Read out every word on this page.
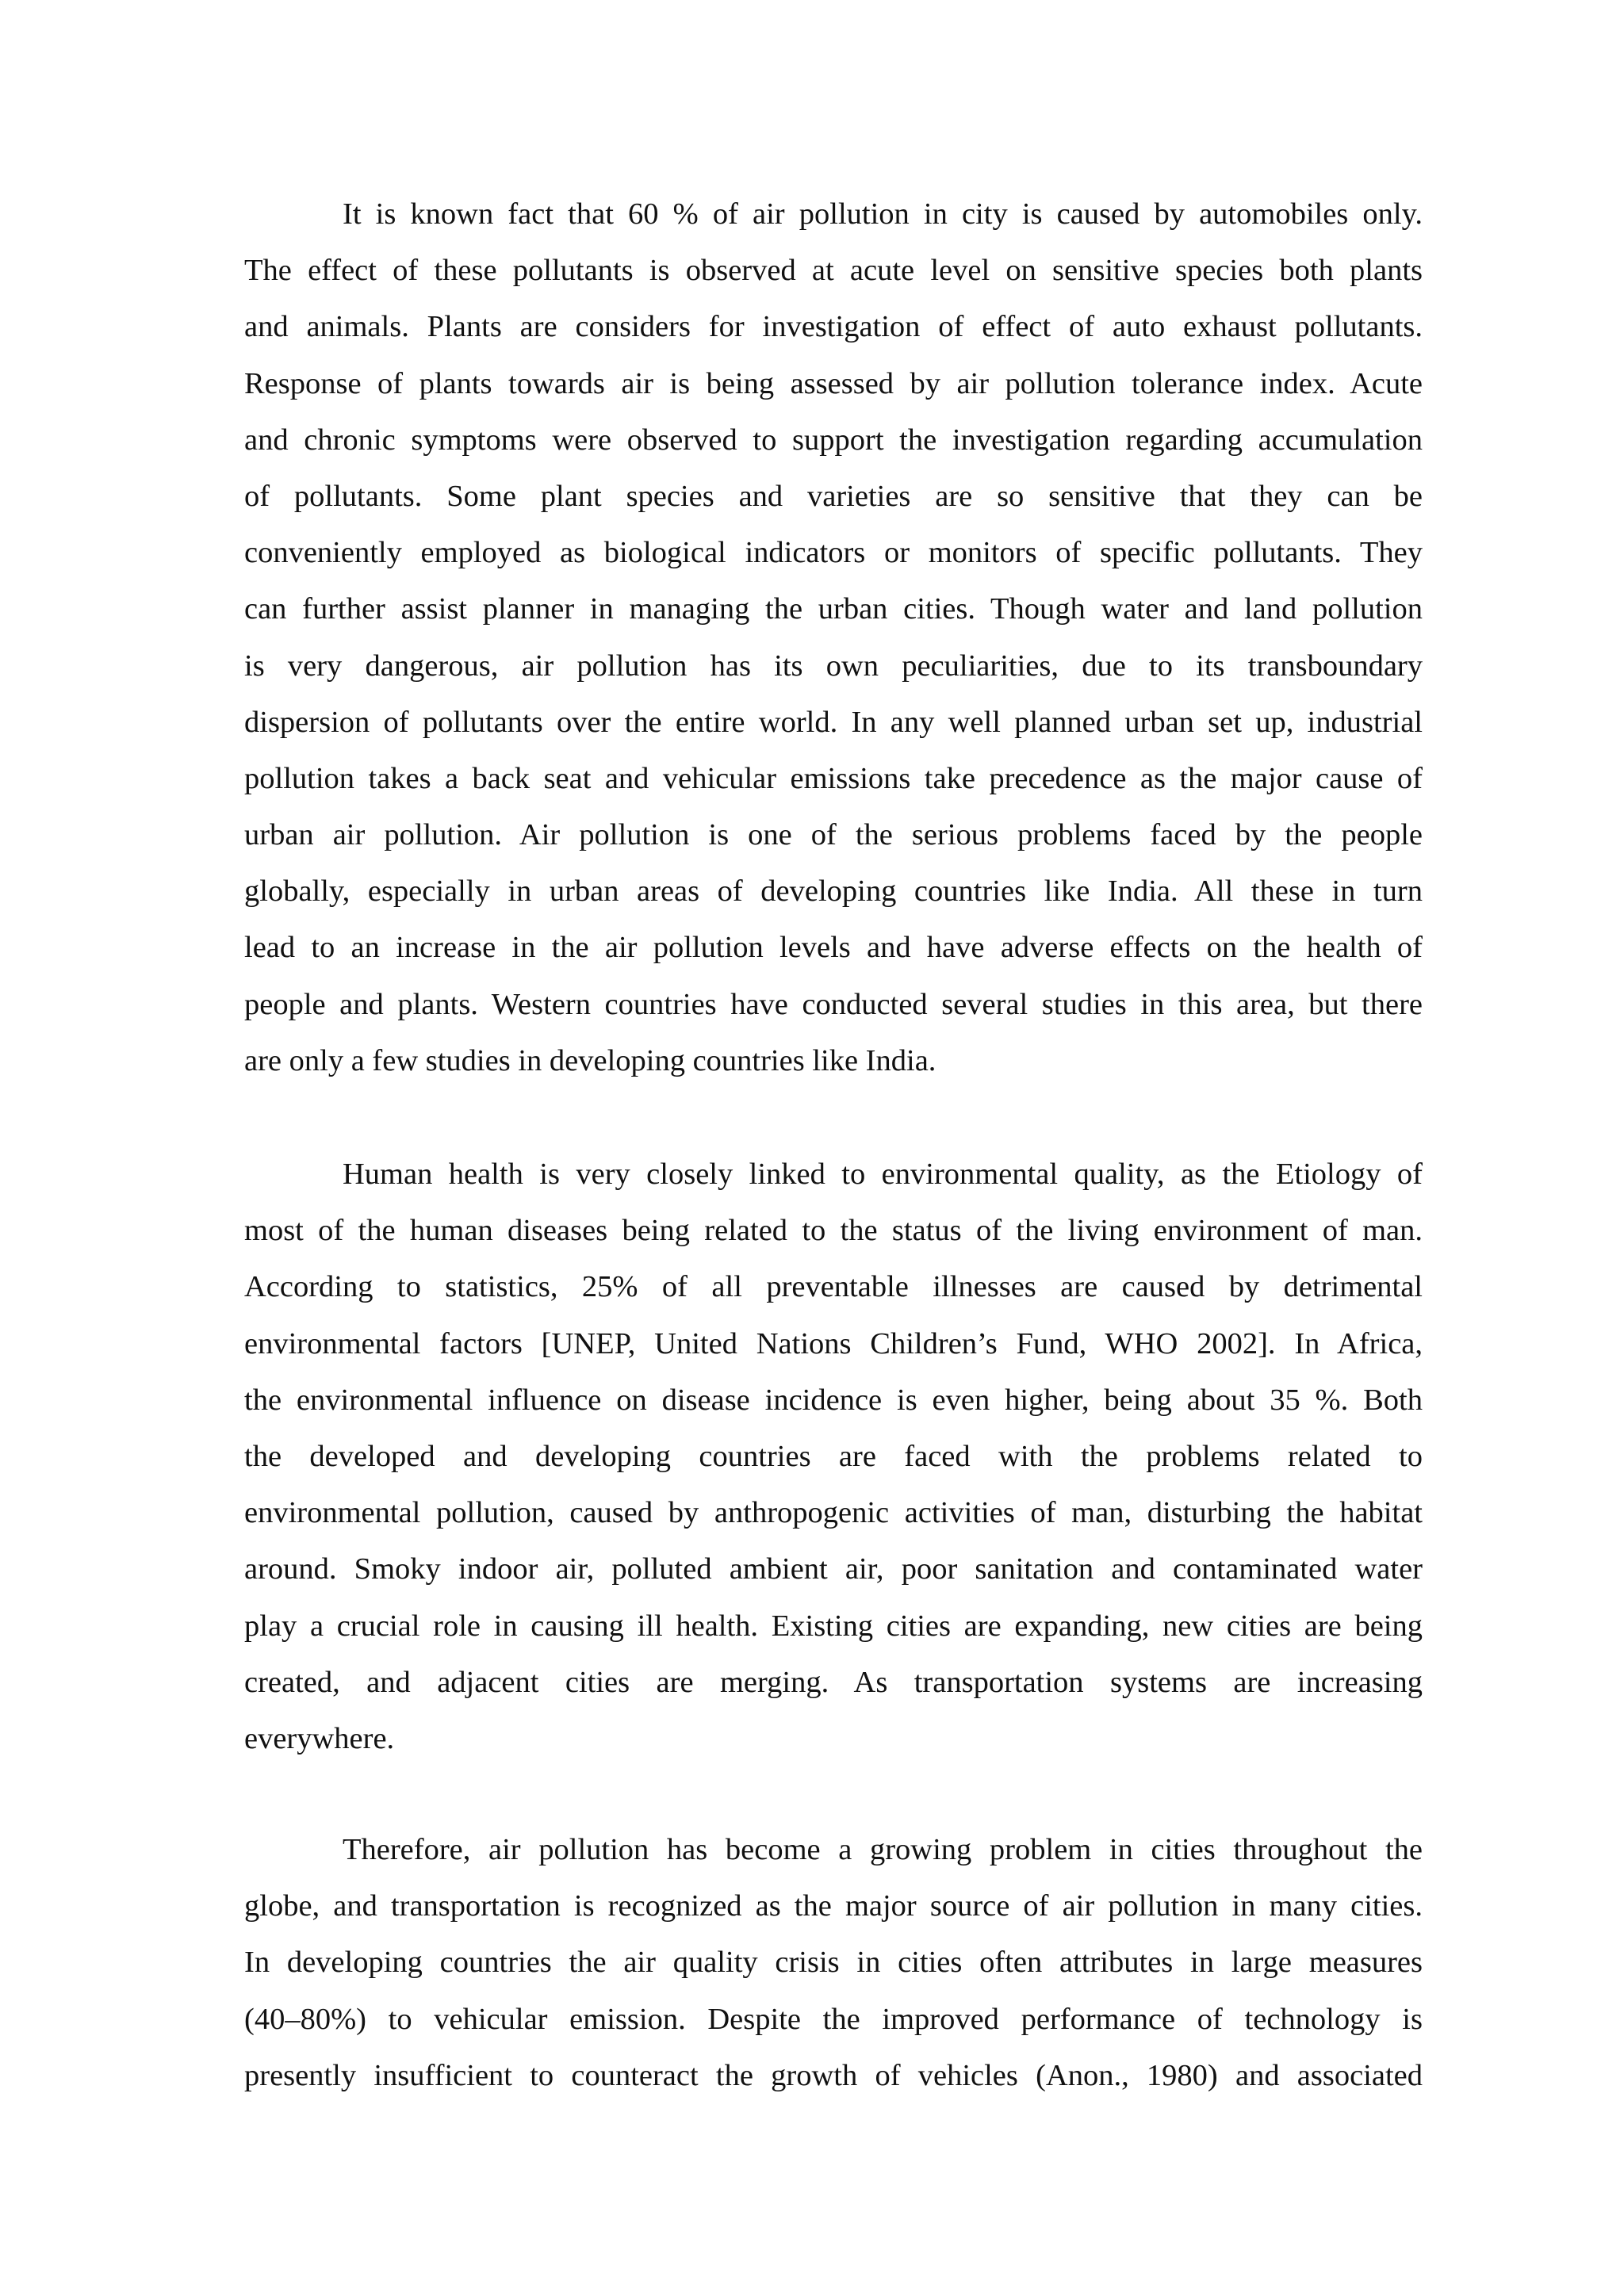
It is known fact that 60 % of air pollution in city is caused by automobiles only.
The effect of these pollutants is observed at acute level on sensitive species both plants
and animals. Plants are considers for investigation of effect of auto exhaust pollutants.
Response of plants towards air is being assessed by air pollution tolerance index. Acute
and chronic symptoms were observed to support the investigation regarding accumulation
of pollutants. Some plant species and varieties are so sensitive that they can be
conveniently employed as biological indicators or monitors of specific pollutants. They
can further assist planner in managing the urban cities. Though water and land pollution
is very dangerous, air pollution has its own peculiarities, due to its transboundary
dispersion of pollutants over the entire world. In any well planned urban set up, industrial
pollution takes a back seat and vehicular emissions take precedence as the major cause of
urban air pollution. Air pollution is one of the serious problems faced by the people
globally, especially in urban areas of developing countries like India. All these in turn
lead to an increase in the air pollution levels and have adverse effects on the health of
people and plants. Western countries have conducted several studies in this area, but there
are only a few studies in developing countries like India.
Human health is very closely linked to environmental quality, as the Etiology of
most of the human diseases being related to the status of the living environment of man.
According to statistics, 25% of all preventable illnesses are caused by detrimental
environmental factors [UNEP, United Nations Children’s Fund, WHO 2002]. In Africa,
the environmental influence on disease incidence is even higher, being about 35 %. Both
the developed and developing countries are faced with the problems related to
environmental pollution, caused by anthropogenic activities of man, disturbing the habitat
around. Smoky indoor air, polluted ambient air, poor sanitation and contaminated water
play a crucial role in causing ill health. Existing cities are expanding, new cities are being
created, and adjacent cities are merging. As transportation systems are increasing
everywhere.
Therefore, air pollution has become a growing problem in cities throughout the
globe, and transportation is recognized as the major source of air pollution in many cities.
In developing countries the air quality crisis in cities often attributes in large measures
(40–80%) to vehicular emission. Despite the improved performance of technology is
presently insufficient to counteract the growth of vehicles (Anon., 1980) and associated
